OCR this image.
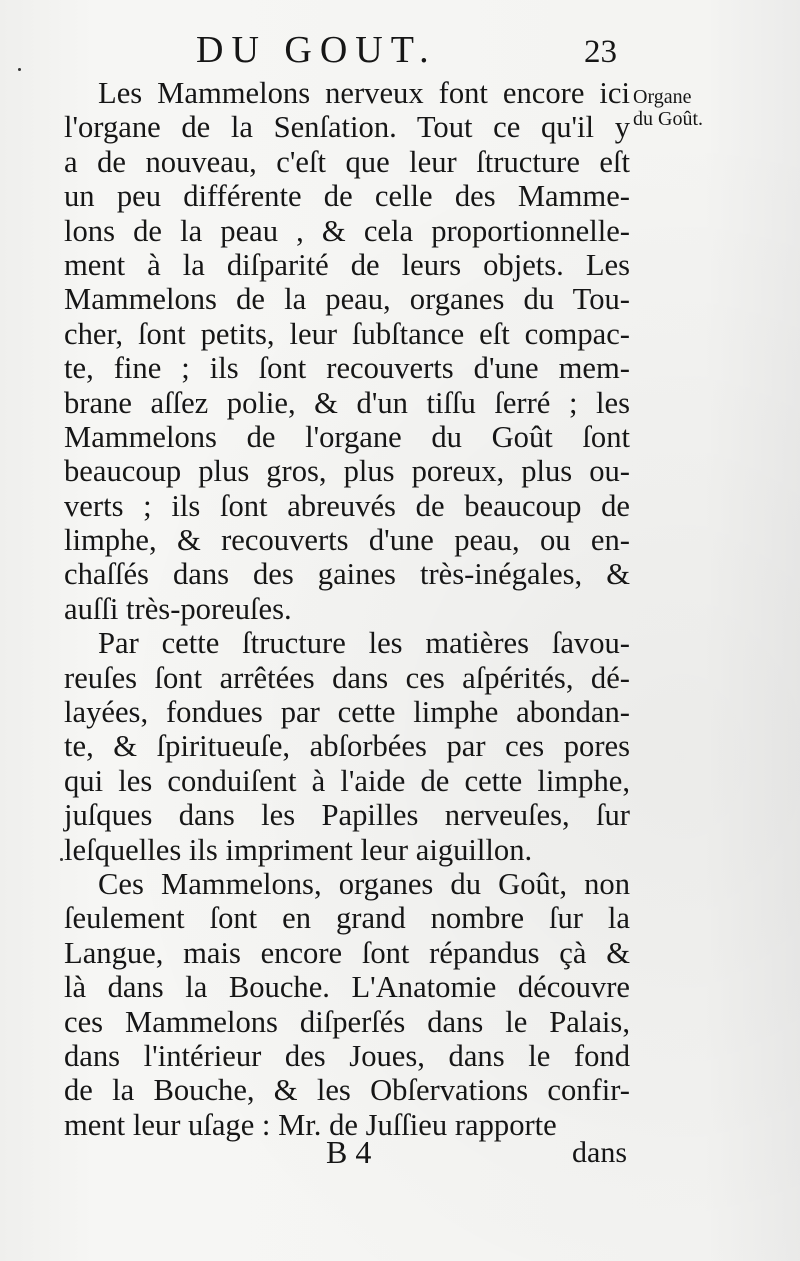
DU GOUT.	23
Organe
du Goût.
Les Mammelons nerveux font encore ici
l'organe de la Senſation. Tout ce qu'il y
a de nouveau, c'eſt que leur ſtructure eſt
un peu différente de celle des Mamme-
lons de la peau , & cela proportionnelle-
ment à la diſparité de leurs objets. Les
Mammelons de la peau, organes du Tou-
cher, ſont petits, leur ſubſtance eſt compac-
te, fine ; ils ſont recouverts d'une mem-
brane aſſez polie, & d'un tiſſu ſerré ; les
Mammelons de l'organe du Goût ſont
beaucoup plus gros, plus poreux, plus ou-
verts ; ils ſont abreuvés de beaucoup de
limphe, & recouverts d'une peau, ou en-
chaſſés dans des gaines très-inégales, &
auſſi très-poreuſes.
Par cette ſtructure les matières ſavou-
reuſes ſont arrêtées dans ces aſpérités, dé-
layées, fondues par cette limphe abondan-
te, & ſpiritueuſe, abſorbées par ces pores
qui les conduiſent à l'aide de cette limphe,
juſques dans les Papilles nerveuſes, ſur
leſquelles ils impriment leur aiguillon.
Ces Mammelons, organes du Goût, non
ſeulement ſont en grand nombre ſur la
Langue, mais encore ſont répandus çà &
là dans la Bouche. L'Anatomie découvre
ces Mammelons diſperſés dans le Palais,
dans l'intérieur des Joues, dans le fond
de la Bouche, & les Obſervations confir-
ment leur uſage : Mr. de Juſſieu rapporte
B 4	dans
